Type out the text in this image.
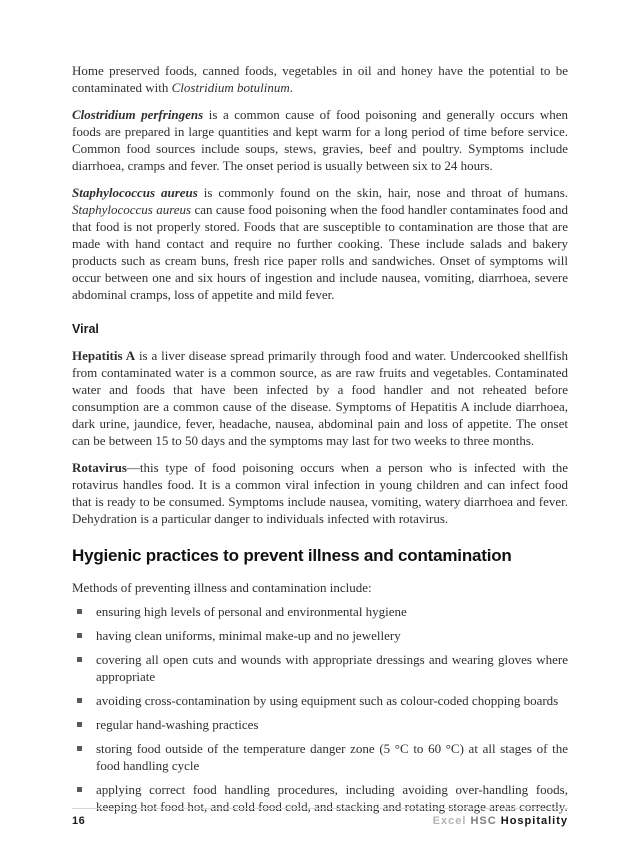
Home preserved foods, canned foods, vegetables in oil and honey have the potential to be contaminated with Clostridium botulinum.

Clostridium perfringens is a common cause of food poisoning and generally occurs when foods are prepared in large quantities and kept warm for a long period of time before service. Common food sources include soups, stews, gravies, beef and poultry. Symptoms include diarrhoea, cramps and fever. The onset period is usually between six to 24 hours.

Staphylococcus aureus is commonly found on the skin, hair, nose and throat of humans. Staphylococcus aureus can cause food poisoning when the food handler contaminates food and that food is not properly stored. Foods that are susceptible to contamination are those that are made with hand contact and require no further cooking. These include salads and bakery products such as cream buns, fresh rice paper rolls and sandwiches. Onset of symptoms will occur between one and six hours of ingestion and include nausea, vomiting, diarrhoea, severe abdominal cramps, loss of appetite and mild fever.

Viral

Hepatitis A is a liver disease spread primarily through food and water. Undercooked shellfish from contaminated water is a common source, as are raw fruits and vegetables. Contaminated water and foods that have been infected by a food handler and not reheated before consumption are a common cause of the disease. Symptoms of Hepatitis A include diarrhoea, dark urine, jaundice, fever, headache, nausea, abdominal pain and loss of appetite. The onset can be between 15 to 50 days and the symptoms may last for two weeks to three months.

Rotavirus—this type of food poisoning occurs when a person who is infected with the rotavirus handles food. It is a common viral infection in young children and can infect food that is ready to be consumed. Symptoms include nausea, vomiting, watery diarrhoea and fever. Dehydration is a particular danger to individuals infected with rotavirus.

Hygienic practices to prevent illness and contamination

Methods of preventing illness and contamination include:

ensuring high levels of personal and environmental hygiene
having clean uniforms, minimal make-up and no jewellery
covering all open cuts and wounds with appropriate dressings and wearing gloves where appropriate
avoiding cross-contamination by using equipment such as colour-coded chopping boards
regular hand-washing practices
storing food outside of the temperature danger zone (5 °C to 60 °C) at all stages of the food handling cycle
applying correct food handling procedures, including avoiding over-handling foods, keeping hot food hot, and cold food cold, and stacking and rotating storage areas correctly.
16	Excel HSC Hospitality
